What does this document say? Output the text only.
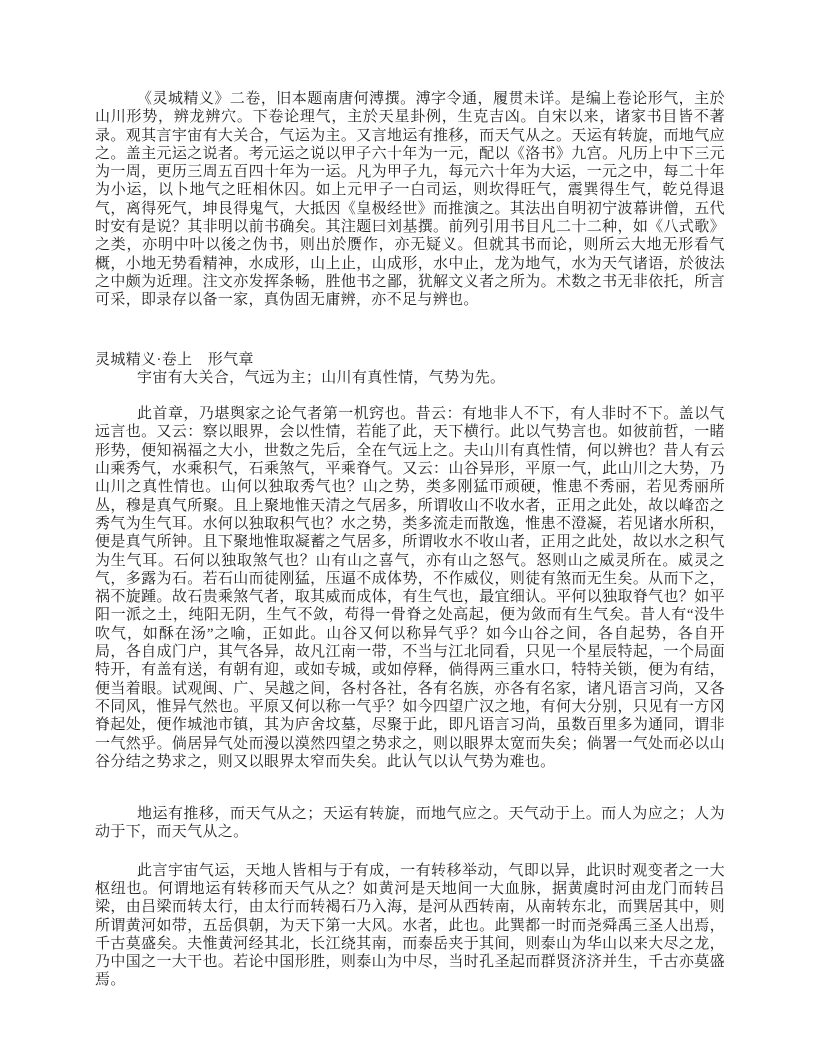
《灵城精义》二卷，旧本题南唐何溥撰。溥字令通，履贯未详。是编上卷论形气，主於山川形势，辨龙辨穴。下卷论理气，主於天星卦例，生克吉凶。自宋以来，诸家书目皆不著录。观其言宇宙有大关合，气运为主。又言地运有推移，而天气从之。天运有转旋，而地气应之。盖主元运之说者。考元运之说以甲子六十年为一元，配以《洛书》九宫。凡历上中下三元为一周，更历三周五百四十年为一运。凡为甲子九，每元六十年为大运，一元之中，每二十年为小运，以卜地气之旺相休囚。如上元甲子一白司运，则坎得旺气，震巽得生气，乾兑得退气，离得死气，坤艮得鬼气，大抵因《皇极经世》而推演之。其法出自明初宁波幕讲僧，五代时安有是说？其非明以前书确矣。其注题曰刘基撰。前列引用书目凡二十二种，如《八式歌》之类，亦明中叶以後之伪书，则出於赝作，亦无疑义。但就其书而论，则所云大地无形看气概，小地无势看精神，水成形，山上止，山成形，水中止，龙为地气，水为天气诸语，於彼法之中颇为近理。注文亦发挥条畅，胜他书之鄙，犹解文义者之所为。术数之书无非依托，所言可采，即录存以备一家，真伪固无庸辨，亦不足与辨也。

灵城精义·卷上　形气章

宇宙有大关合，气远为主；山川有真性情，气势为先。

此首章，乃堪舆家之论气者第一机窍也。昔云：有地非人不下，有人非时不下。盖以气远言也。又云：察以眼界，会以性情，若能了此，天下横行。此以气势言也。如彼前哲，一睹形势，便知祸福之大小，世数之先后，全在气远上之。夫山川有真性情，何以辨也？昔人有云山乘秀气，水乘积气，石乘煞气，平乘脊气。又云：山谷异形，平原一气，此山川之大势，乃山川之真性情也。山何以独取秀气也？山之势，类多刚猛帀顽硬，惟患不秀丽，若见秀丽所丛，穆是真气所聚。且上聚地惟天清之气居多，所谓收山不收水者，正用之此处，故以峰峦之秀气为生气耳。水何以独取积气也？水之势，类多流走而散逸，惟患不澄凝，若见诸水所积，便是真气所钟。且下聚地惟取凝蓄之气居多，所谓收水不收山者，正用之此处，故以水之积气为生气耳。石何以独取煞气也？山有山之喜气，亦有山之怒气。怒则山之威灵所在。威灵之气，多露为石。若石山而徒刚猛，压逼不成体势，不作威仪，则徒有煞而无生矣。从而下之，祸不旋踵。故石贵乘煞气者，取其威而成体，有生气也，最宜细认。平何以独取脊气也？如平阳一派之土，纯阳无阴，生气不敛，苟得一骨脊之处高起，便为敛而有生气矣。昔人有“没牛吹气，如酥在汤”之喻，正如此。山谷又何以称异气乎？如今山谷之间，各自起势，各自开局，各自成门户，其气各异，故凡江南一带，不当与江北同看，只见一个星辰特起，一个局面特开，有盖有送，有朝有迎，或如专城，或如停释，倘得两三重水口，特特关锁，便为有结，便当着眼。试观闽、广、吴越之间，各村各社，各有名族，亦各有名家，诸凡语言习尚，又各不同风，惟异气然也。平原又何以称一气乎？如今四望广汉之地，有何大分别，只见有一方冈脊起处，便作城池市镇，其为庐舍坟墓，尽聚于此，即凡语言习尚，虽数百里多为通同，谓非一气然乎。倘居异气处而漫以漠然四望之势求之，则以眼界太宽而失矣；倘署一气处而必以山谷分结之势求之，则又以眼界太窄而失矣。此认气以认气势为难也。

地运有推移，而天气从之；天运有转旋，而地气应之。天气动于上。而人为应之；人为动于下，而天气从之。

此言宇宙气运，天地人皆相与于有成，一有转移举动，气即以异，此识时观变者之一大枢纽也。何谓地运有转移而天气从之？如黄河是天地间一大血脉，据黄虞时河由龙门而转吕梁，由吕梁而转太行，由太行而转褐石乃入海，是河从西转南，从南转东北，而巽居其中，则所谓黄河如带，五岳俱朝，为天下第一大风。水者，此也。此巽都一时而尧舜禹三圣人出焉，千古莫盛矣。夫惟黄河经其北，长江绕其南，而泰岳夹于其间，则泰山为华山以来大尽之龙，乃中国之一大干也。若论中国形胜，则泰山为中尽，当时孔圣起而群贤济济并生，千古亦莫盛焉。
